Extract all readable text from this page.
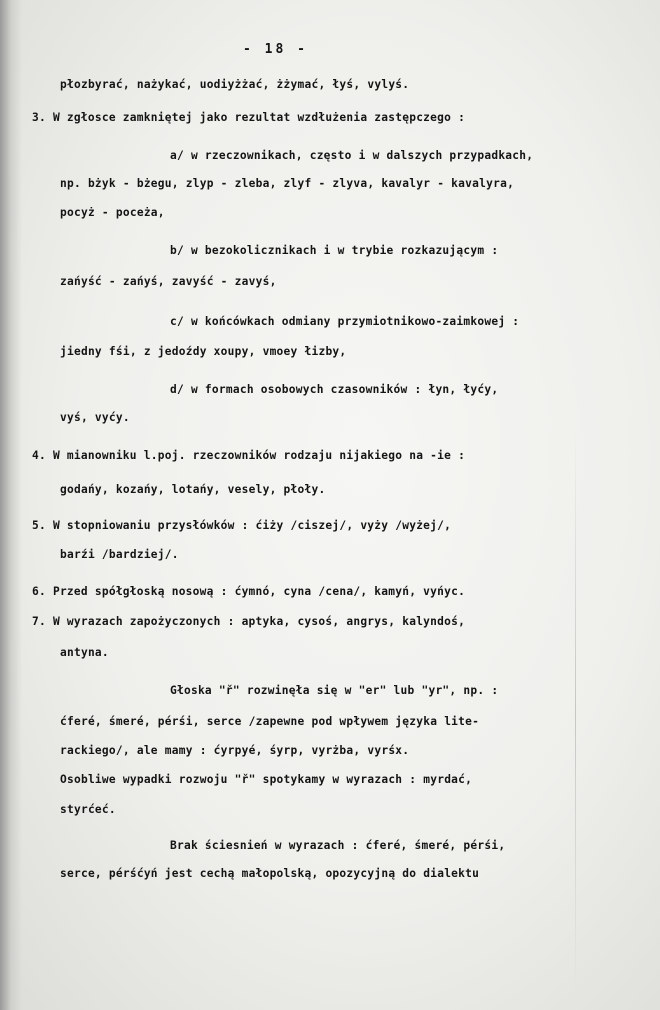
- 18 -
płozbyrać, nażykać, uodiyżżać, żżymać, łyś, vylyś.
3. W zgłosce zamkniętej jako rezultat wzdłużenia zastępczego :
a/ w rzeczownikach, często i w dalszych przypadkach,
np. bżyk - bżegu, zlyp - zleba, zlyf - zlyva, kavalyr - kavalyra,
pocyż - poceża,
b/ w bezokolicznikach i w trybie rozkazującym :
zańyść - zańyś, zavyść - zavyś,
c/ w końcówkach odmiany przymiotnikowo-zaimkowej :
jiedny fśi, z jedoźdy xoupy, vmoey łizby,
d/ w formach osobowych czasowników : łyn, łyćy,
vyś, vyćy.
4. W mianowniku l.poj. rzeczowników rodzaju nijakiego na -ie :
godańy, kozańy, lotańy, vesely, płoły.
5. W stopniowaniu przysłówków : ćiży /ciszej/, vyży /wyżej/,
barźi /bardziej/.
6. Przed spółgłoską nosową : ćymnó, cyna /cena/, kamyń, vyńyc.
7. W wyrazach zapożyczonych : aptyka, cysoś, angrys, kalyndoś,
antyna.
Głoska "ř" rozwinęła się w "er" lub "yr", np. :
ćferé, śmeré, pérśi, serce /zapewne pod wpływem języka lite-
rackiego/, ale mamy : ćyrpyé, śyrp, vyrżba, vyrśx.
Osobliwe wypadki rozwoju "ř" spotykamy w wyrazach : myrdać,
styrćeć.
Brak ściesnień w wyrazach : ćferé, śmeré, pérśi,
serce, pérśćyń jest cechą małopolską, opozycyjną do dialektu
